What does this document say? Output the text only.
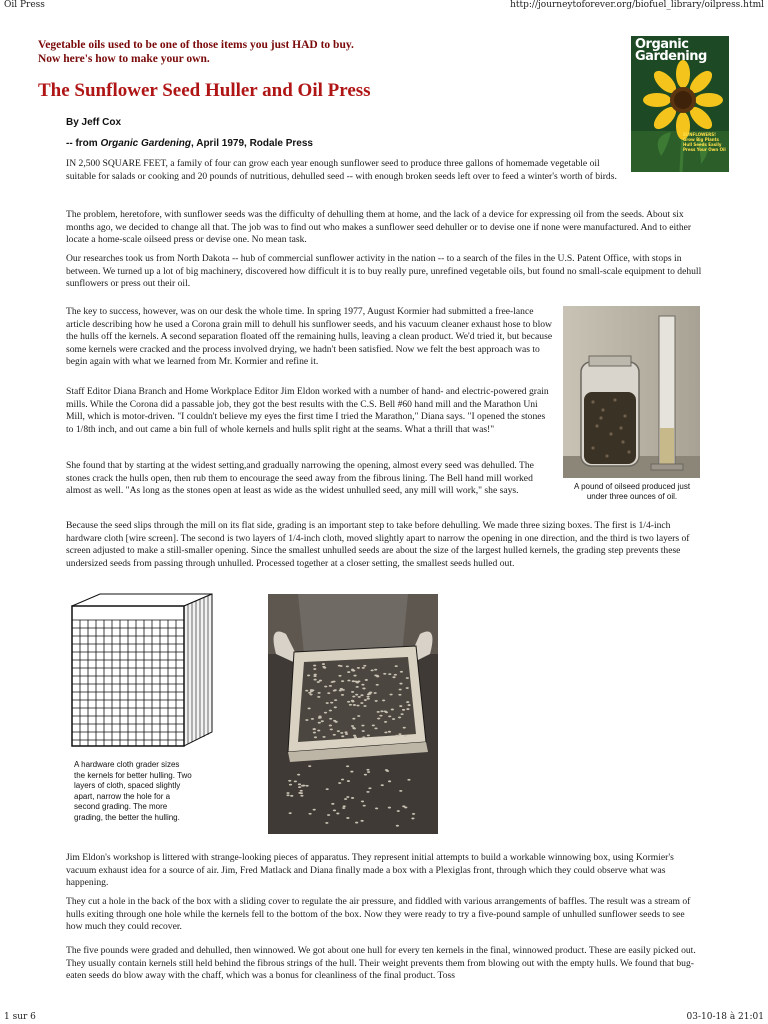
Oil Press	http://journeytoforever.org/biofuel_library/oilpress.html
Vegetable oils used to be one of those items you just HAD to buy.
Now here's how to make your own.
The Sunflower Seed Huller and Oil Press
By Jeff Cox
-- from Organic Gardening, April 1979, Rodale Press
Organic
Gardening
SUNFLOWERS! Grow Big Plants Hull Seeds Easily Press Your Own Oil

IN 2,500 SQUARE FEET, a family of four can grow each year enough sunflower seed to produce three gallons of homemade vegetable oil suitable for salads or cooking and 20 pounds of nutritious, dehulled seed -- with enough broken seeds left over to feed a winter's worth of birds.

The problem, heretofore, with sunflower seeds was the difficulty of dehulling them at home, and the lack of a device for expressing oil from the seeds. About six months ago, we decided to change all that. The job was to find out who makes a sunflower seed dehuller or to devise one if none were manufactured. And to either locate a home-scale oilseed press or devise one. No mean task.

Our researches took us from North Dakota -- hub of commercial sunflower activity in the nation -- to a search of the files in the U.S. Patent Office, with stops in between. We turned up a lot of big machinery, discovered how difficult it is to buy really pure, unrefined vegetable oils, but found no small-scale equipment to dehull sunflowers or press out their oil.

The key to success, however, was on our desk the whole time. In spring 1977, August Kormier had submitted a free-lance article describing how he used a Corona grain mill to dehull his sunflower seeds, and his vacuum cleaner exhaust hose to blow the hulls off the kernels. A second separation floated off the remaining hulls, leaving a clean product. We'd tried it, but because some kernels were cracked and the process involved drying, we hadn't been satisfied. Now we felt the best approach was to begin again with what we learned from Mr. Kormier and refine it.

Staff Editor Diana Branch and Home Workplace Editor Jim Eldon worked with a number of hand- and electric-powered grain mills. While the Corona did a passable job, they got the best results with the C.S. Bell #60 hand mill and the Marathon Uni Mill, which is motor-driven. "I couldn't believe my eyes the first time I tried the Marathon," Diana says. "I opened the stones to 1/8th inch, and out came a bin full of whole kernels and hulls split right at the seams. What a thrill that was!"

She found that by starting at the widest setting,and gradually narrowing the opening, almost every seed was dehulled. The stones crack the hulls open, then rub them to encourage the seed away from the fibrous lining. The Bell hand mill worked almost as well. "As long as the stones open at least as wide as the widest unhulled seed, any mill will work," she says.	A pound of oilseed produced just under three ounces of oil.

Because the seed slips through the mill on its flat side, grading is an important step to take before dehulling. We made three sizing boxes. The first is 1/4-inch hardware cloth [wire screen]. The second is two layers of 1/4-inch cloth, moved slightly apart to narrow the opening in one direction, and the third is two layers of screen adjusted to make a still-smaller opening. Since the smallest unhulled seeds are about the size of the largest hulled kernels, the grading step prevents these undersized seeds from passing through unhulled. Processed together at a closer setting, the smallest seeds hulled out.

A hardware cloth grader sizes the kernels for better hulling. Two layers of cloth, spaced slightly apart, narrow the hole for a second grading. The more grading, the better the hulling.

Jim Eldon's workshop is littered with strange-looking pieces of apparatus. They represent initial attempts to build a workable winnowing box, using Kormier's vacuum exhaust idea for a source of air. Jim, Fred Matlack and Diana finally made a box with a Plexiglas front, through which they could observe what was happening.

They cut a hole in the back of the box with a sliding cover to regulate the air pressure, and fiddled with various arrangements of baffles. The result was a stream of hulls exiting through one hole while the kernels fell to the bottom of the box. Now they were ready to try a five-pound sample of unhulled sunflower seeds to see how much they could recover.

The five pounds were graded and dehulled, then winnowed. We got about one hull for every ten kernels in the final, winnowed product. These are easily picked out. They usually contain kernels still held behind the fibrous strings of the hull. Their weight prevents them from blowing out with the empty hulls. We found that bug-eaten seeds do blow away with the chaff, which was a bonus for cleanliness of the final product. Toss

1 sur 6	03-10-18 à 21:01
